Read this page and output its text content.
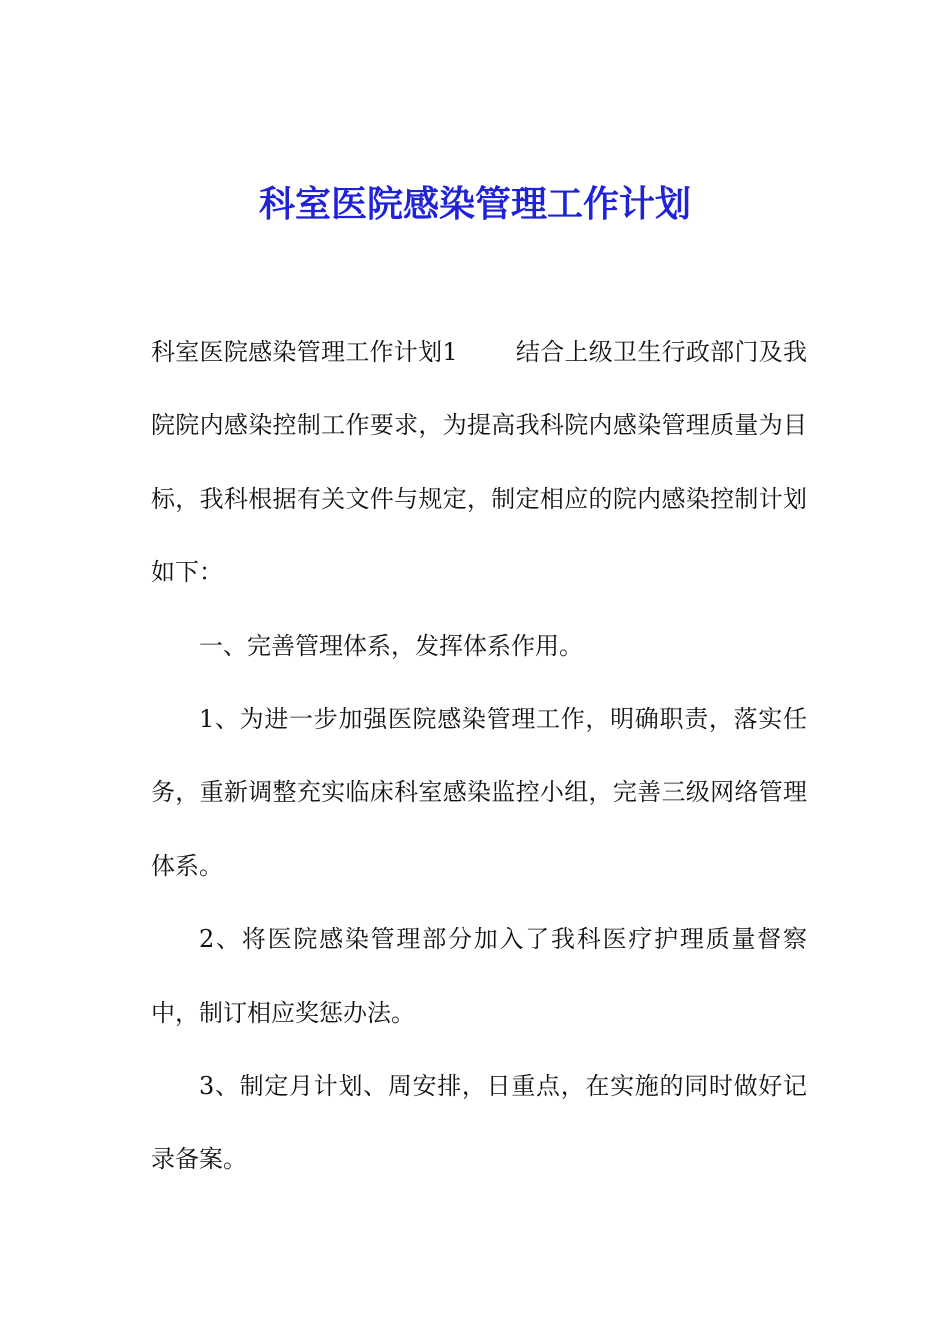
科室医院感染管理工作计划

科室医院感染管理工作计划1 结合上级卫生行政部门及我院院内感染控制工作要求，为提高我科院内感染管理质量为目标，我科根据有关文件与规定，制定相应的院内感染控制计划如下：

一、完善管理体系，发挥体系作用。

1、为进一步加强医院感染管理工作，明确职责，落实任务，重新调整充实临床科室感染监控小组，完善三级网络管理体系。

2、将医院感染管理部分加入了我科医疗护理质量督察中，制订相应奖惩办法。

3、制定月计划、周安排，日重点，在实施的同时做好记录备案。
